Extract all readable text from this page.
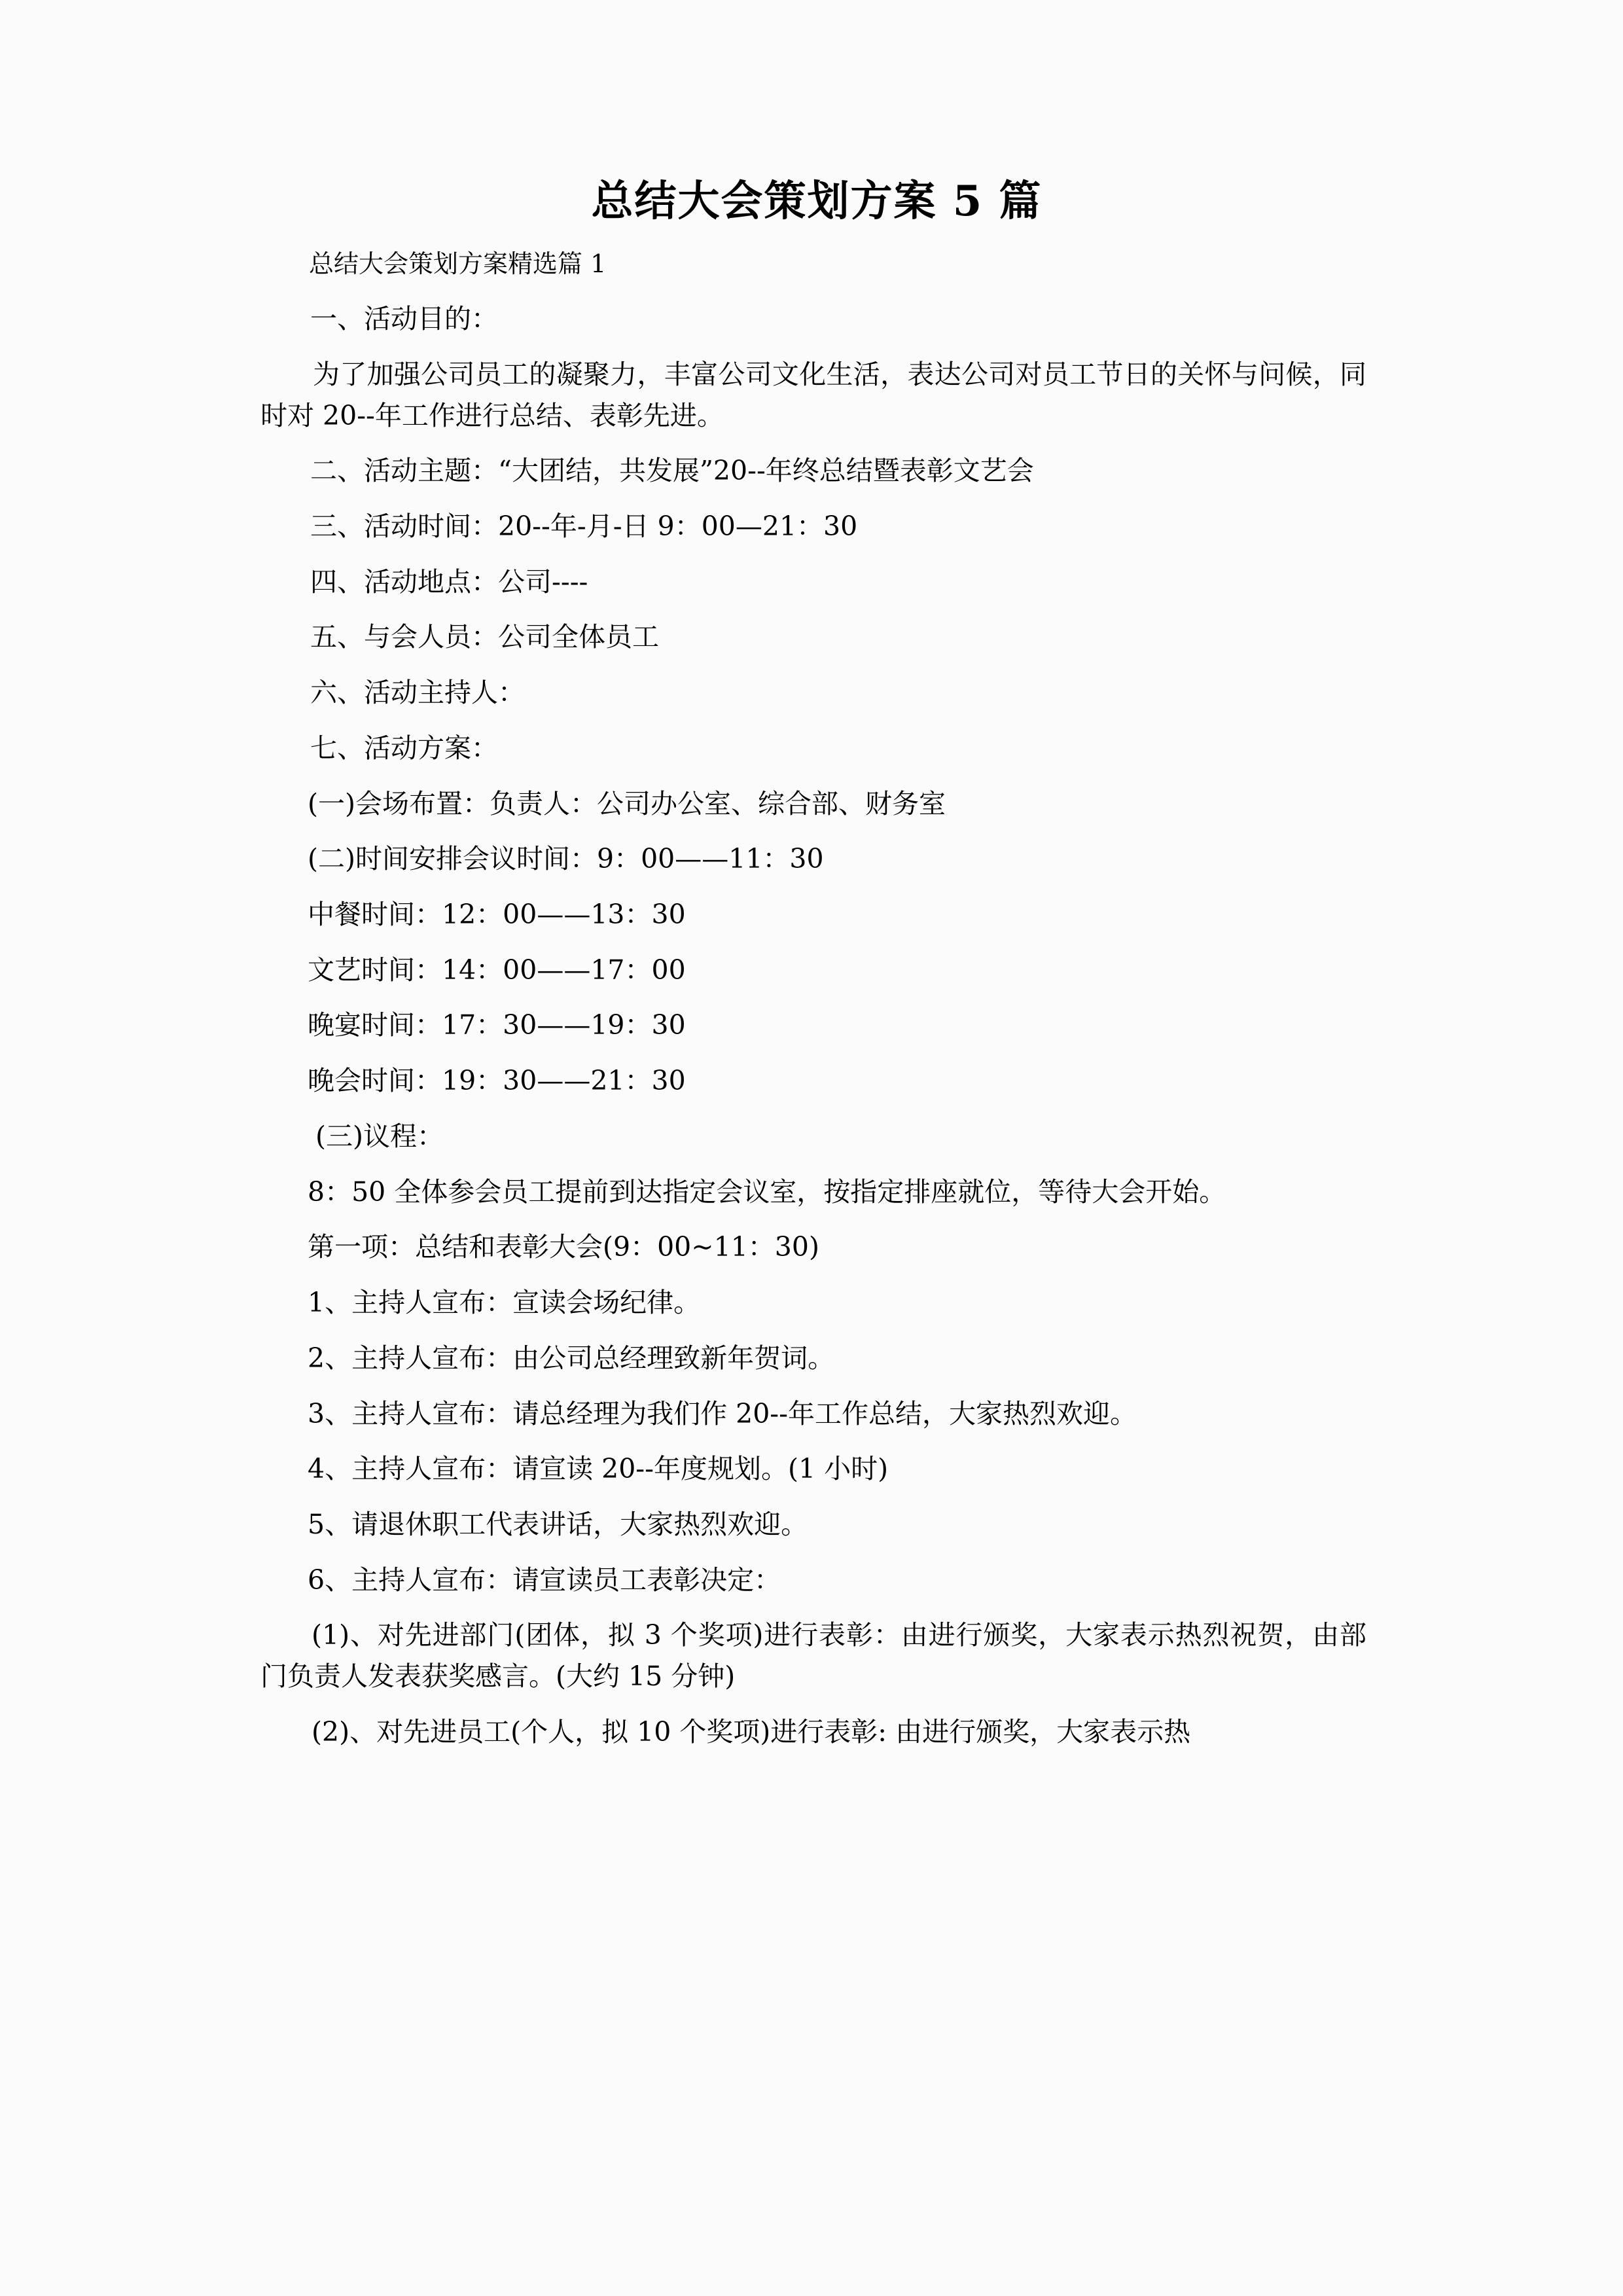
总结大会策划方案 5 篇

总结大会策划方案精选篇 1

一、活动目的：

为了加强公司员工的凝聚力，丰富公司文化生活，表达公司对员工节日的关怀与问候，同时对 20--年工作进行总结、表彰先进。

二、活动主题：“大团结，共发展”20--年终总结暨表彰文艺会

三、活动时间：20--年-月-日 9：00—21：30

四、活动地点：公司----

五、与会人员：公司全体员工

六、活动主持人：

七、活动方案：

(一)会场布置：负责人：公司办公室、综合部、财务室

(二)时间安排会议时间：9：00——11：30

中餐时间：12：00——13：30

文艺时间：14：00——17：00

晚宴时间：17：30——19：30

晚会时间：19：30——21：30

(三)议程：

8：50 全体参会员工提前到达指定会议室，按指定排座就位，等待大会开始。

第一项：总结和表彰大会(9：00~11：30)

1、主持人宣布：宣读会场纪律。

2、主持人宣布：由公司总经理致新年贺词。

3、主持人宣布：请总经理为我们作 20--年工作总结，大家热烈欢迎。

4、主持人宣布：请宣读 20--年度规划。(1 小时)

5、请退休职工代表讲话，大家热烈欢迎。

6、主持人宣布：请宣读员工表彰决定：

(1)、对先进部门(团体，拟 3 个奖项)进行表彰：由进行颁奖，大家表示热烈祝贺，由部门负责人发表获奖感言。(大约 15 分钟)

(2)、对先进员工(个人，拟 10 个奖项)进行表彰: 由进行颁奖，大家表示热
